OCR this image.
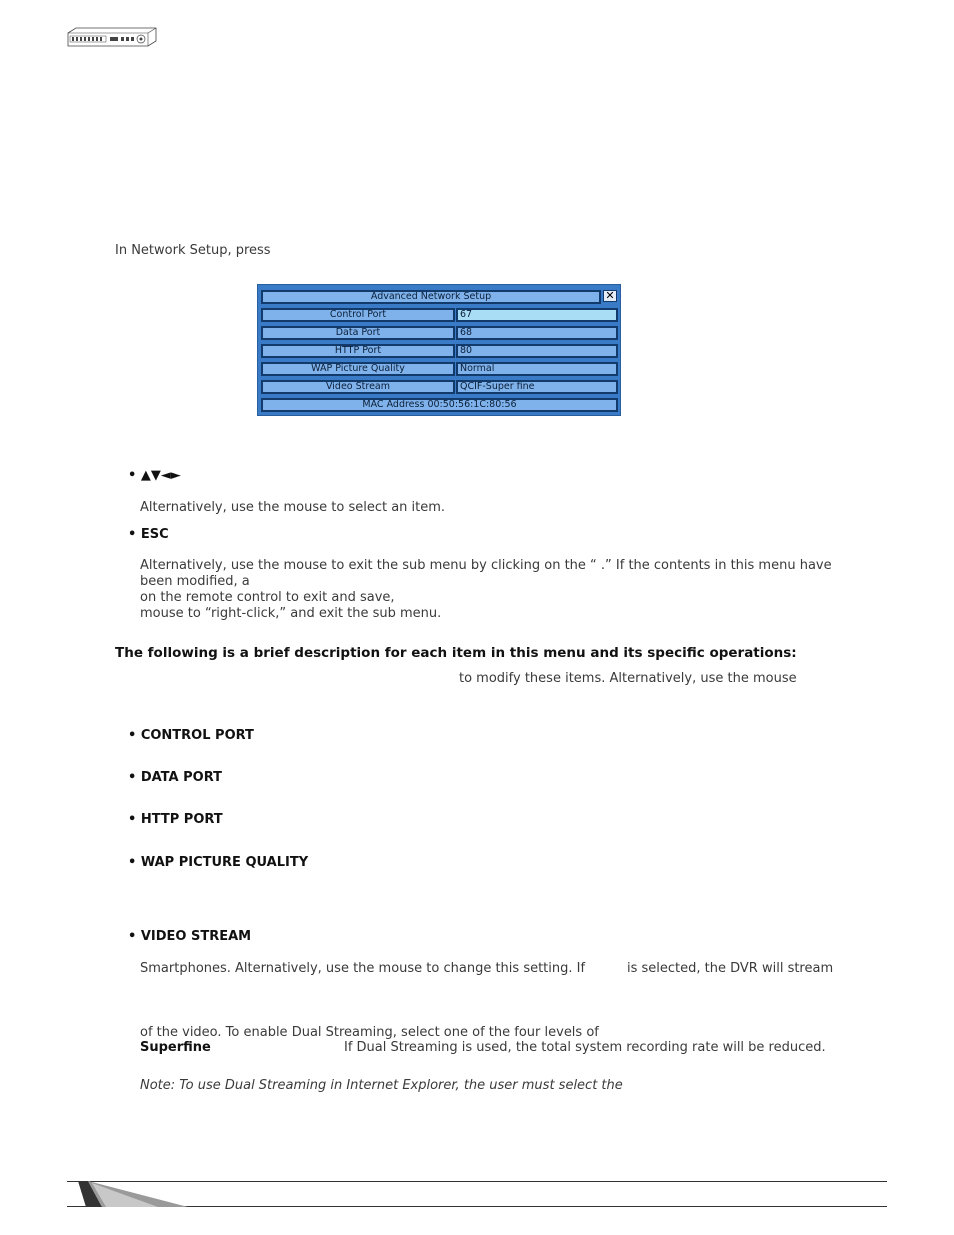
In Network Setup, press
Advanced Network Setup	✕
Control Port	67
Data Port	68
HTTP Port	80
WAP Picture Quality	Normal
Video Stream	QCIF-Super fine
MAC Address 00:50:56:1C:80:56
• ▲▼◄►
Alternatively, use the mouse to select an item.
• ESC
Alternatively, use the mouse to exit the sub menu by clicking on the “ .” If the contents in this menu have
been modified, a
on the remote control to exit and save,
mouse to “right-click,” and exit the sub menu.
The following is a brief description for each item in this menu and its specific operations:
to modify these items. Alternatively, use the mouse
• CONTROL PORT
• DATA PORT
• HTTP PORT
• WAP PICTURE QUALITY
• VIDEO STREAM
Smartphones. Alternatively, use the mouse to change this setting. If	is selected, the DVR will stream
of the video. To enable Dual Streaming, select one of the four levels of
Superfine	If Dual Streaming is used, the total system recording rate will be reduced.
Note: To use Dual Streaming in Internet Explorer, the user must select the
